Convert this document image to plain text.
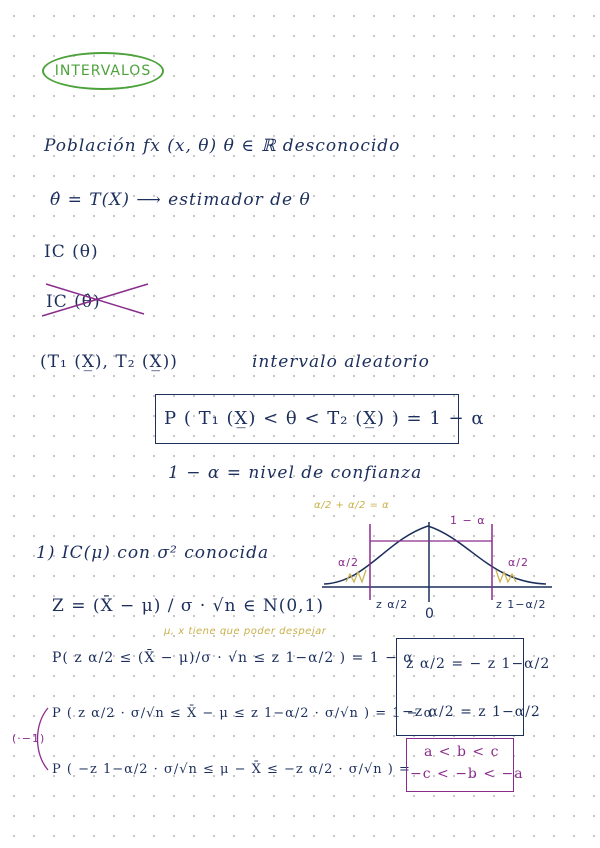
INTERVALOS
Población fx (x, θ) θ ∈ ℝ desconocido
θ̂ = T(X) ⟶ estimador de θ
IC (θ)
IC (θ̂)
(T₁ (X̲), T₂ (X̲))	intervalo aleatorio
P ( T₁ (X̲) < θ < T₂ (X̲) ) = 1 − α
1 − α = nivel de confianza
α/2 + α/2 = α
1) IC(μ) con σ² conocida
1 − α
α/2	α/2
z α/2
0
z 1−α/2
Z = (X̄ − μ) / σ · √n ∈ N(0,1)
μ, x tiene que poder despejar
P( z α/2 ≤ (X̄ − μ)/σ · √n ≤ z 1−α/2 ) = 1 − α
P ( z α/2 · σ/√n ≤ X̄ − μ ≤ z 1−α/2 · σ/√n ) = 1 − α
P ( −z 1−α/2 · σ/√n ≤ μ − X̄ ≤ −z α/2 · σ/√n ) =
(·−1)
z α/2 = − z 1−α/2
−z α/2 = z 1−α/2
a < b < c
−c < −b < −a
